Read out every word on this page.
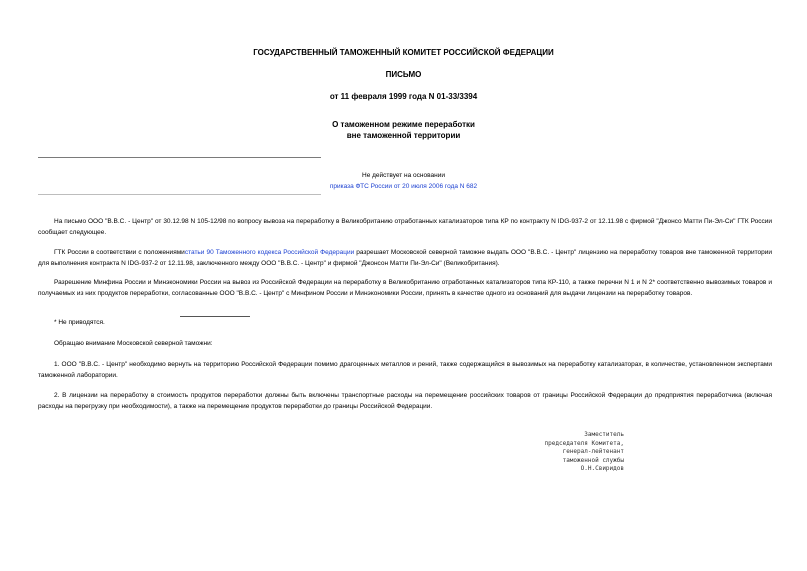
ГОСУДАРСТВЕННЫЙ ТАМОЖЕННЫЙ КОМИТЕТ РОССИЙСКОЙ ФЕДЕРАЦИИ
ПИСЬМО
от 11 февраля 1999 года N 01-33/3394
О таможенном режиме переработки
вне таможенной территории
Не действует на основании
приказа ФТС России от 20 июля 2006 года N 682
На письмо ООО "В.В.С. - Центр" от 30.12.98 N 105-12/98 по вопросу вывоза на переработку в Великобританию отработанных катализаторов типа КР по контракту N IDG-937-2 от 12.11.98 с фирмой "Джонсо Матти Пи-Эл-Си" ГТК России сообщает следующее.
ГТК России в соответствии с положениямистатьи 90 Таможенного кодекса Российской Федерации разрешает Московской северной таможне выдать ООО "В.В.С. - Центр" лицензию на переработку товаров вне таможенной территории для выполнения контракта N IDG-937-2 от 12.11.98, заключенного между ООО "В.В.С. - Центр" и фирмой "Джонсон Матти Пи-Эл-Си" (Великобритания).
Разрешение Минфина России и Минэкономики России на вывоз из Российской Федерации на переработку в Великобританию отработанных катализаторов типа КР-110, а также перечни N 1 и N 2* соответственно вывозимых товаров и получаемых из них продуктов переработки, согласованные ООО "В.В.С. - Центр" с Минфином России и Минэкономики России, принять в качестве одного из оснований для выдачи лицензии на переработку товаров.
* Не приводятся.
Обращаю внимание Московской северной таможни:
1. ООО "В.В.С. - Центр" необходимо вернуть на территорию Российской Федерации помимо драгоценных металлов и рений, также содержащийся в вывозимых на переработку катализаторах, в количестве, установленном экспертами таможенной лаборатории.
2. В лицензии на переработку в стоимость продуктов переработки должны быть включены транспортные расходы на перемещение российских товаров от границы Российской Федерации до предприятия переработчика (включая расходы на перегрузку при необходимости), а также на перемещение продуктов переработки до границы Российской Федерации.
Заместитель
председателя Комитета,
генерал-лейтенант
таможенной службы
О.Н.Свиридов
